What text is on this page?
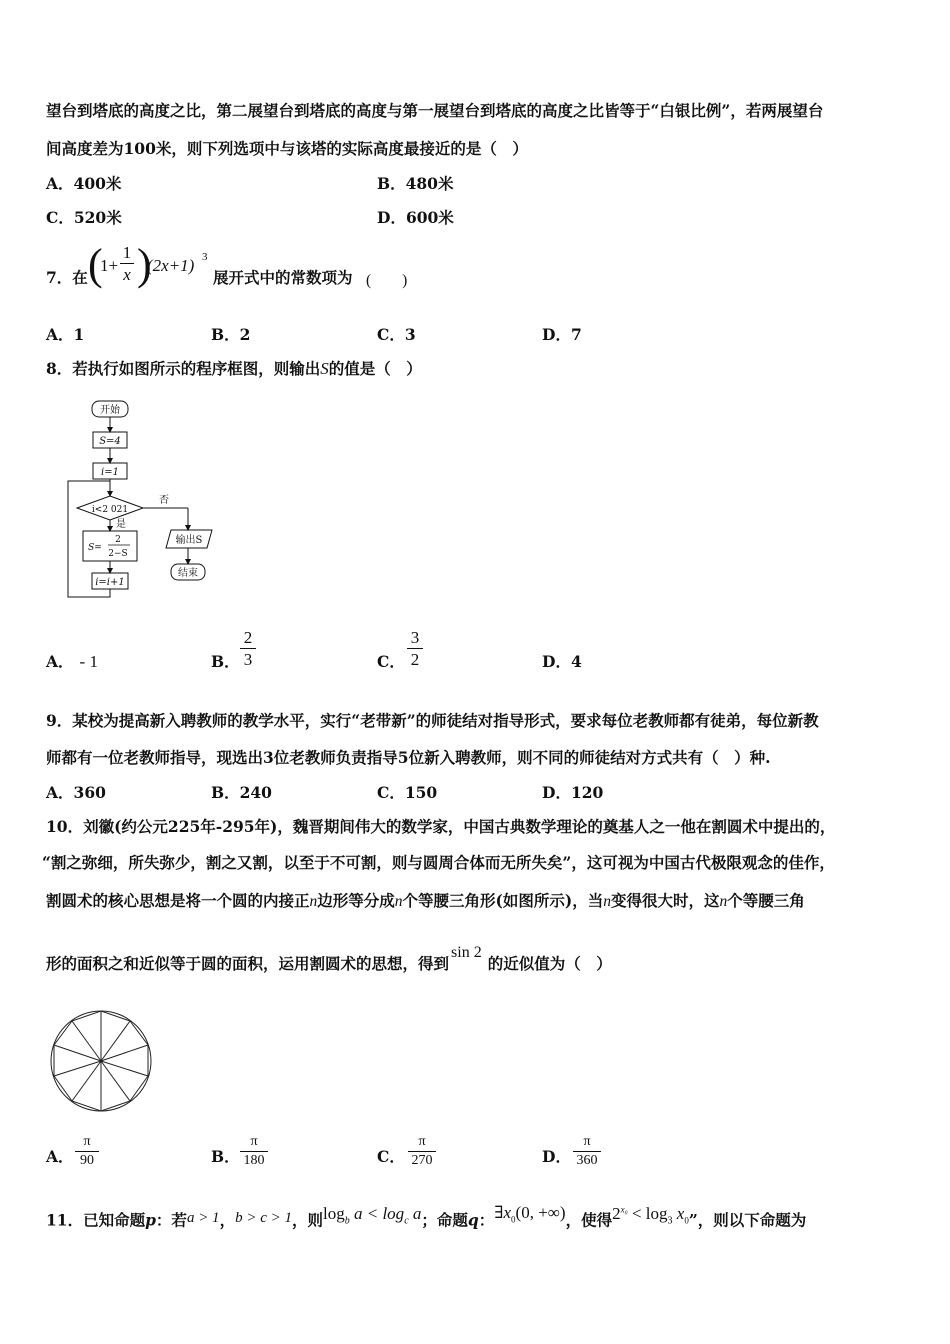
望台到塔底的高度之比，第二展望台到塔底的高度与第一展望台到塔底的高度之比皆等于“白银比例”，若两展望台
间高度差为100米，则下列选项中与该塔的实际高度最接近的是（　）
A．400米	B．480米
C．520米	D．600米
7．在 (
1+
1
x )
(2x+1) 3
展开式中的常数项为 (　　)
A．1	B．2	C．3	D．7
8．若执行如图所示的程序框图，则输出S的值是（　）
开始
S=4
i=1
i<2 021
否
是
S=
2
2−S
i=i+1
输出S
结束
A． - 1	B．
2
3	C．
3
2	D．4
9．某校为提高新入聘教师的教学水平，实行“老带新”的师徒结对指导形式，要求每位老教师都有徒弟，每位新教
师都有一位老教师指导，现选出3位老教师负责指导5位新入聘教师，则不同的师徒结对方式共有（　）种.
A．360	B．240	C．150	D．120
10．刘徽(约公元225年-295年)，魏晋期间伟大的数学家，中国古典数学理论的奠基人之一他在割圆术中提出的，
“割之弥细，所失弥少，割之又割，以至于不可割，则与圆周合体而无所失矣”，这可视为中国古代极限观念的佳作，
割圆术的核心思想是将一个圆的内接正n边形等分成n个等腰三角形(如图所示)，当n变得很大时，这n个等腰三角
形的面积之和近似等于圆的面积，运用割圆术的思想，得到sin 2的近似值为（　）
A．
π
90	B．
π
180	C．
π
270	D．
π
360
11．已知命题p：若a > 1，b > c > 1，则$\log_b a < \log_c a$；命题q：$\exists x_0(0$, +∞)，使得$2^{x_0} < \log_3 x_0$”，则以下命题为
